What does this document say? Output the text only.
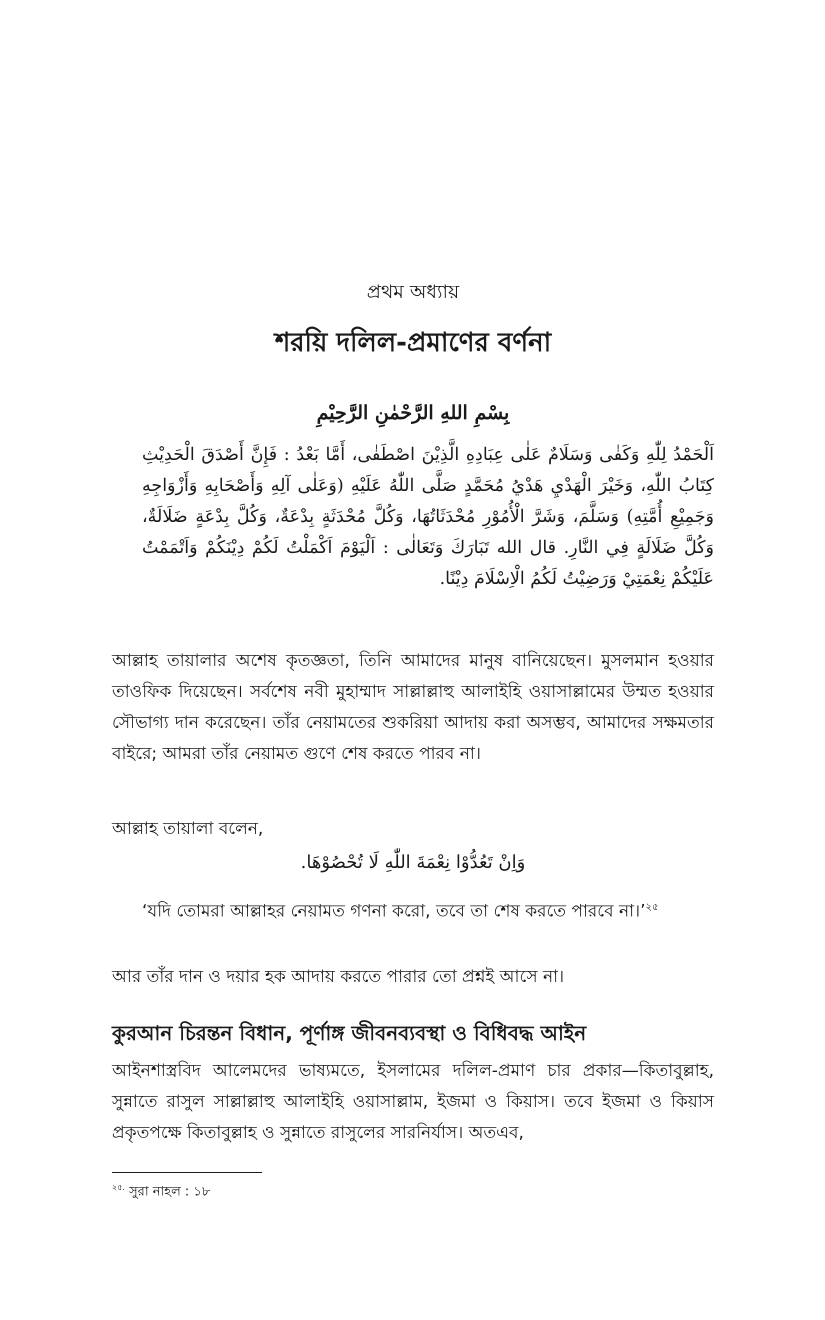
প্রথম অধ্যায়
শরয়ি দলিল-প্রমাণের বর্ণনা
بِسْمِ اللهِ الرَّحْمٰنِ الرَّحِيْمِ
اَلْحَمْدُ لِلّٰهِ وَكَفٰى وَسَلَامٌ عَلٰى عِبَادِهِ الَّذِيْنَ اصْطَفٰى، أَمَّا بَعْدُ : فَإِنَّ أَصْدَقَ الْحَدِيْثِ كِتَابُ اللّٰهِ، وَخَيْرَ الْهَدْيِ هَدْيُ مُحَمَّدٍ صَلَّى اللّٰهُ عَلَيْهِ (وَعَلٰى آلِهِ وَأَصْحَابِهِ وَأَزْوَاجِهِ وَجَمِيْعِ أُمَّتِهِ) وَسَلَّمَ، وَشَرَّ الْأُمُوْرِ مُحْدَثَاتُهَا، وَكُلَّ مُحْدَثَةٍ بِدْعَةٌ، وَكُلَّ بِدْعَةٍ ضَلَالَةٌ، وَكُلَّ ضَلَالَةٍ فِي النَّارِ. قال الله تَبَارَكَ وَتَعَالٰى : اَلْيَوْمَ اَكْمَلْتُ لَكُمْ دِيْنَكُمْ وَاَتْمَمْتُ عَلَيْكُمْ نِعْمَتِيْ وَرَضِيْتُ لَكُمُ الْاِسْلَامَ دِيْنًا.
আল্লাহ তায়ালার অশেষ কৃতজ্ঞতা, তিনি আমাদের মানুষ বানিয়েছেন। মুসলমান হওয়ার তাওফিক দিয়েছেন। সর্বশেষ নবী মুহাম্মাদ সাল্লাল্লাহু আলাইহি ওয়াসাল্লামের উম্মত হওয়ার সৌভাগ্য দান করেছেন। তাঁর নেয়ামতের শুকরিয়া আদায় করা অসম্ভব, আমাদের সক্ষমতার বাইরে; আমরা তাঁর নেয়ামত গুণে শেষ করতে পারব না।
আল্লাহ তায়ালা বলেন,
وَاِنْ تَعُدُّوْا نِعْمَةَ اللّٰهِ لَا تُحْصُوْهَا.
‘যদি তোমরা আল্লাহর নেয়ামত গণনা করো, তবে তা শেষ করতে পারবে না।’$^{২৫}$
আর তাঁর দান ও দয়ার হক আদায় করতে পারার তো প্রশ্নই আসে না।
কুরআন চিরন্তন বিধান, পূর্ণাঙ্গ জীবনব্যবস্থা ও বিধিবদ্ধ আইন
আইনশাস্ত্রবিদ আলেমদের ভাষ্যমতে, ইসলামের দলিল-প্রমাণ চার প্রকার—কিতাবুল্লাহ, সুন্নাতে রাসুল সাল্লাল্লাহু আলাইহি ওয়াসাল্লাম, ইজমা ও কিয়াস। তবে ইজমা ও কিয়াস প্রকৃতপক্ষে কিতাবুল্লাহ ও সুন্নাতে রাসুলের সারনির্যাস। অতএব,
$^{২৫.}$ সুরা নাহল : ১৮
